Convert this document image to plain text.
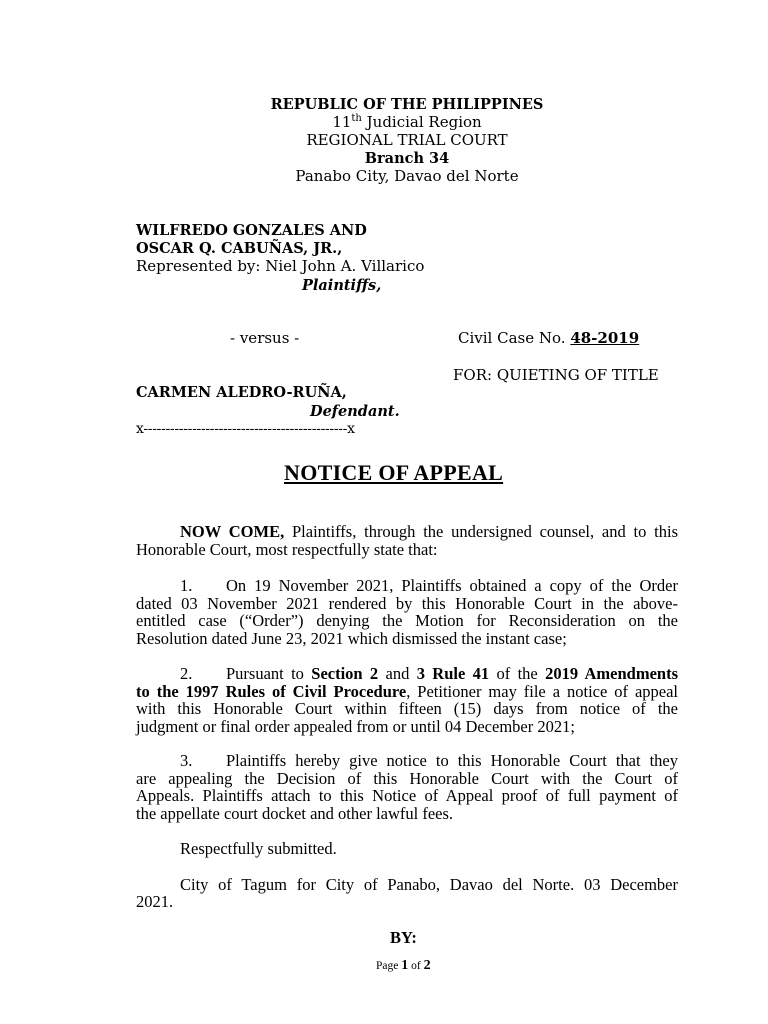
REPUBLIC OF THE PHILIPPINES
11th Judicial Region
REGIONAL TRIAL COURT
Branch 34
Panabo City, Davao del Norte
WILFREDO GONZALES AND
OSCAR Q. CABUÑAS, JR.,
Represented by: Niel John A. Villarico
Plaintiffs,
- versus -	Civil Case No. 48-2019
FOR: QUIETING OF TITLE
CARMEN ALEDRO-RUÑA,
Defendant.
x----------------------------------------------x
NOTICE OF APPEAL
NOW COME, Plaintiffs, through the undersigned counsel, and to this
Honorable Court, most respectfully state that:
1. On 19 November 2021, Plaintiffs obtained a copy of the Order
dated 03 November 2021 rendered by this Honorable Court in the above-
entitled case (“Order”) denying the Motion for Reconsideration on the
Resolution dated June 23, 2021 which dismissed the instant case;
2. Pursuant to Section 2 and 3 Rule 41 of the 2019 Amendments
to the 1997 Rules of Civil Procedure, Petitioner may file a notice of appeal
with this Honorable Court within fifteen (15) days from notice of the
judgment or final order appealed from or until 04 December 2021;
3. Plaintiffs hereby give notice to this Honorable Court that they
are appealing the Decision of this Honorable Court with the Court of
Appeals. Plaintiffs attach to this Notice of Appeal proof of full payment of
the appellate court docket and other lawful fees.
Respectfully submitted.
City of Tagum for City of Panabo, Davao del Norte. 03 December
2021.
BY:
Page 1 of 2
